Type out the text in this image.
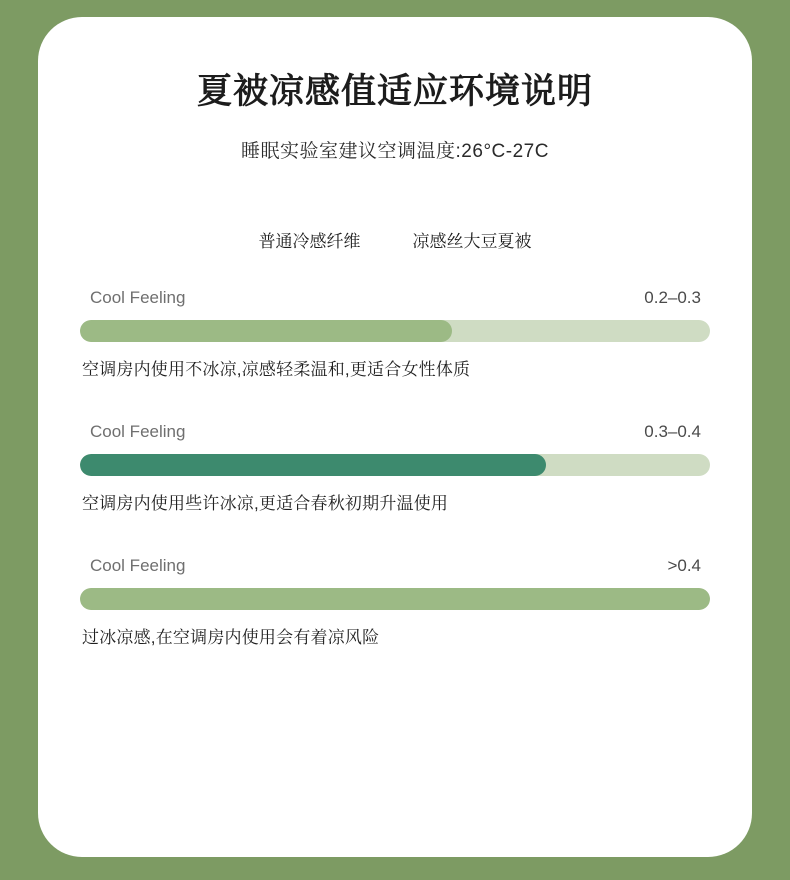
夏被凉感值适应环境说明

睡眠实验室建议空调温度:26°C-27C

普通冷感纤维	凉感丝大豆夏被
Cool Feeling	0.2–0.3
空调房内使用不冰凉,凉感轻柔温和,更适合女性体质
Cool Feeling	0.3–0.4
空调房内使用些许冰凉,更适合春秋初期升温使用
Cool Feeling	>0.4
过冰凉感,在空调房内使用会有着凉风险
